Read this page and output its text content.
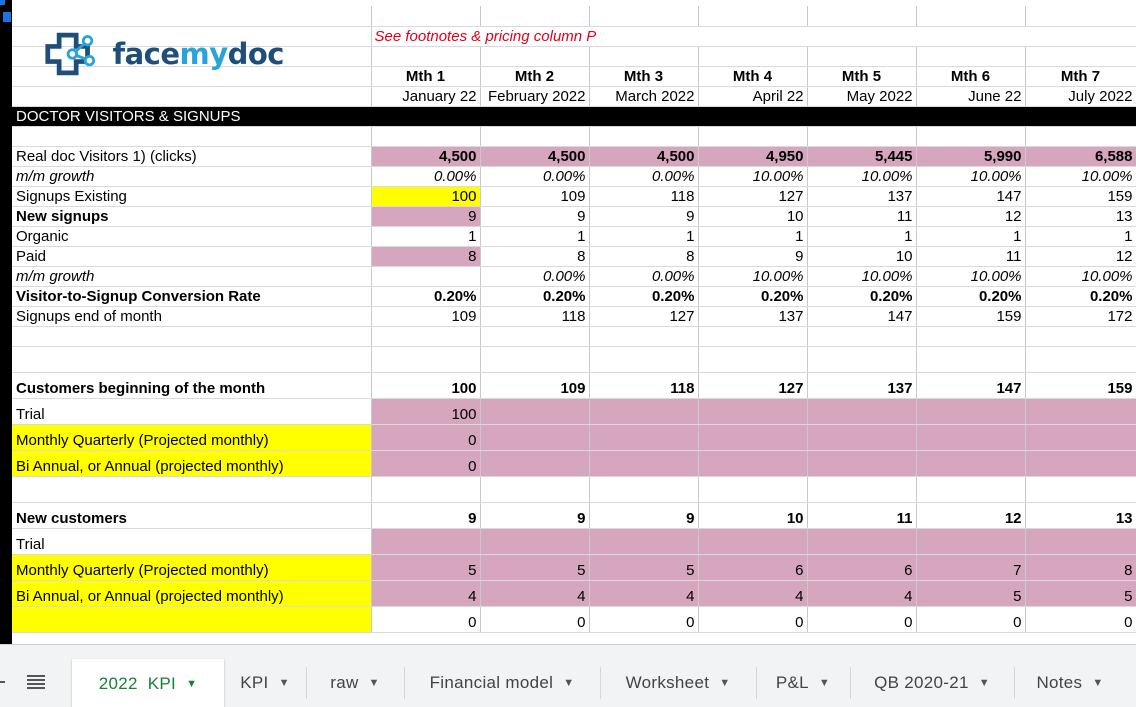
	See footnotes & pricing column P						

	Mth 1	Mth 2	Mth 3	Mth 4	Mth 5	Mth 6	Mth 7
	January 22	February 2022	March 2022	April 22	May 2022	June 22	July 2022
DOCTOR VISITORS & SIGNUPS							

Real doc Visitors 1) (clicks)	4,500	4,500	4,500	4,950	5,445	5,990	6,588
m/m growth	0.00%	0.00%	0.00%	10.00%	10.00%	10.00%	10.00%
Signups Existing	100	109	118	127	137	147	159
New signups	9	9	9	10	11	12	13
Organic	1	1	1	1	1	1	1
Paid	8	8	8	9	10	11	12
m/m growth		0.00%	0.00%	10.00%	10.00%	10.00%	10.00%
Visitor-to-Signup Conversion Rate	0.20%	0.20%	0.20%	0.20%	0.20%	0.20%	0.20%
Signups end of month	109	118	127	137	147	159	172

Customers beginning of the month	100	109	118	127	137	147	159
Trial	100						
Monthly Quarterly (Projected monthly)	0						
Bi Annual, or Annual (projected monthly)	0						

New customers	9	9	9	10	11	12	13
Trial							
Monthly Quarterly (Projected monthly)	5	5	5	6	6	7	8
Bi Annual, or Annual (projected monthly)	4	4	4	4	4	5	5
	0	0	0	0	0	0	0
facemydoc
2022  KPI ▼	KPI ▼ raw ▼	Financial model ▼	Worksheet ▼	P&L ▼	QB 2020-21 ▼	Notes ▼
